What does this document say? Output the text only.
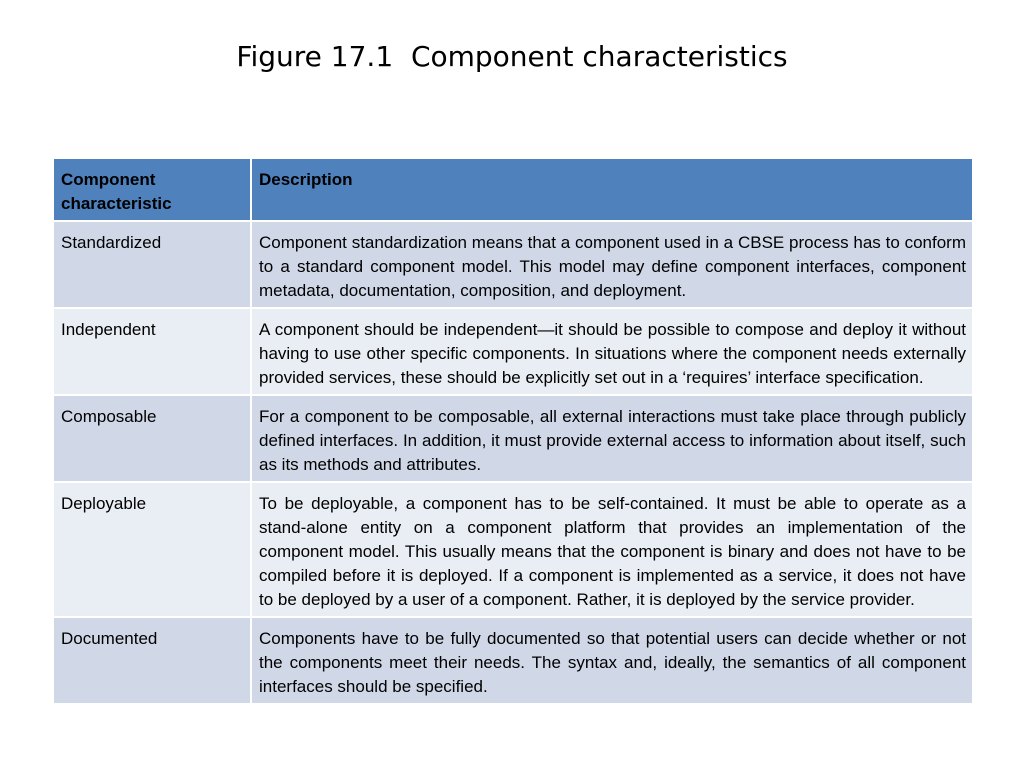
Figure 17.1  Component characteristics
Component characteristic	Description
Standardized	Component standardization means that a component used in a CBSE process has to conform to a standard component model. This model may define component interfaces, component metadata, documentation, composition, and deployment.
Independent	A component should be independent—it should be possible to compose and deploy it without having to use other specific components. In situations where the component needs externally provided services, these should be explicitly set out in a ‘requires’ interface specification.
Composable	For a component to be composable, all external interactions must take place through publicly defined interfaces. In addition, it must provide external access to information about itself, such as its methods and attributes.
Deployable	To be deployable, a component has to be self-contained. It must be able to operate as a stand-alone entity on a component platform that provides an implementation of the component model. This usually means that the component is binary and does not have to be compiled before it is deployed. If a component is implemented as a service, it does not have to be deployed by a user of a component. Rather, it is deployed by the service provider.
Documented	Components have to be fully documented so that potential users can decide whether or not the components meet their needs. The syntax and, ideally, the semantics of all component interfaces should be specified.
